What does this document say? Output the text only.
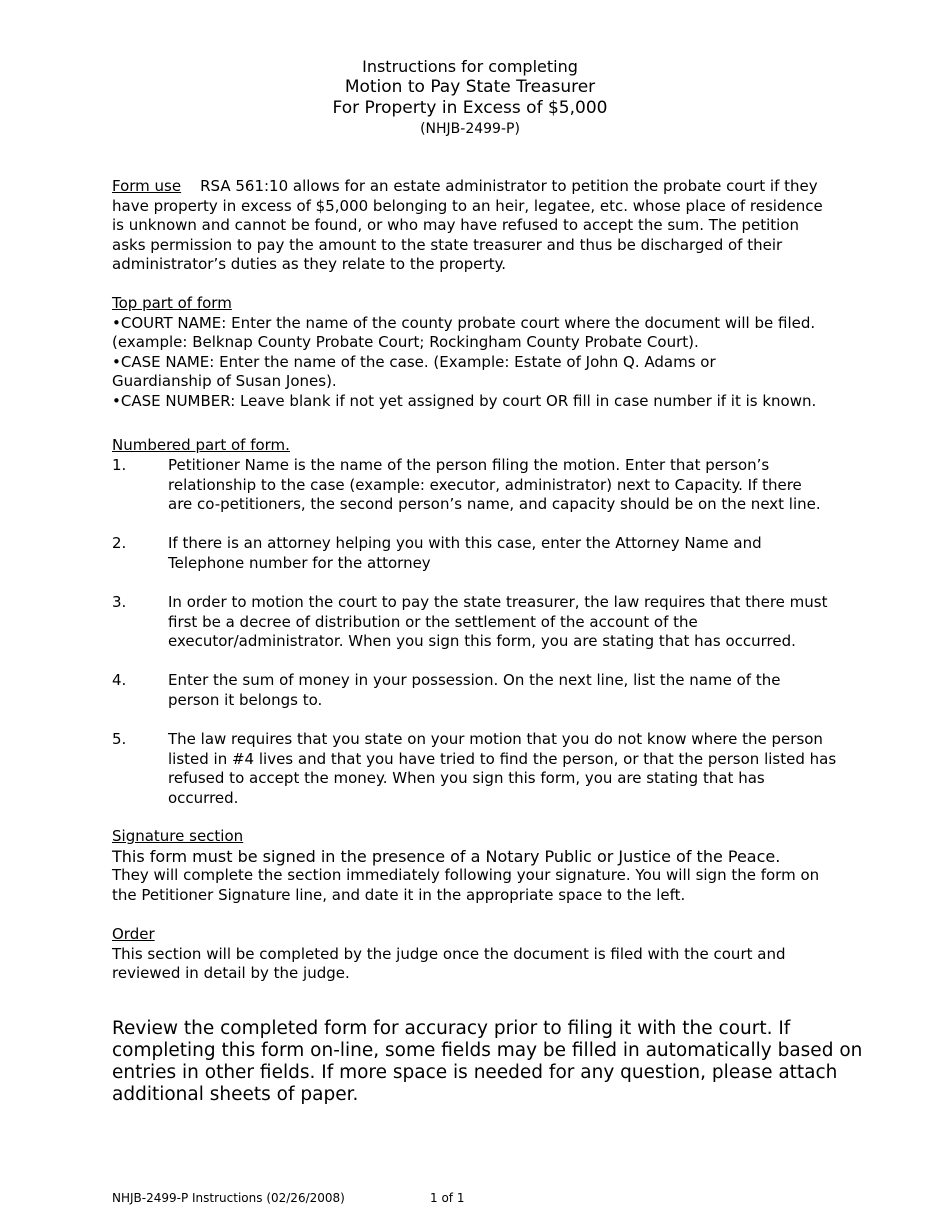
Instructions for completing
Motion to Pay State Treasurer
For Property in Excess of $5,000
(NHJB-2499-P)
Form use RSA 561:10 allows for an estate administrator to petition the probate court if they
have property in excess of $5,000 belonging to an heir, legatee, etc. whose place of residence
is unknown and cannot be found, or who may have refused to accept the sum. The petition
asks permission to pay the amount to the state treasurer and thus be discharged of their
administrator’s duties as they relate to the property.
Top part of form
•COURT NAME: Enter the name of the county probate court where the document will be filed.
(example: Belknap County Probate Court; Rockingham County Probate Court).
•CASE NAME: Enter the name of the case. (Example: Estate of John Q. Adams or
Guardianship of Susan Jones).
•CASE NUMBER: Leave blank if not yet assigned by court OR fill in case number if it is known.
Numbered part of form.
1.	Petitioner Name is the name of the person filing the motion. Enter that person’s
relationship to the case (example: executor, administrator) next to Capacity. If there
are co-petitioners, the second person’s name, and capacity should be on the next line.
2.	If there is an attorney helping you with this case, enter the Attorney Name and
Telephone number for the attorney
3.	In order to motion the court to pay the state treasurer, the law requires that there must
first be a decree of distribution or the settlement of the account of the
executor/administrator. When you sign this form, you are stating that has occurred.
4.	Enter the sum of money in your possession. On the next line, list the name of the
person it belongs to.
5.	The law requires that you state on your motion that you do not know where the person
listed in #4 lives and that you have tried to find the person, or that the person listed has
refused to accept the money. When you sign this form, you are stating that has
occurred.
Signature section
This form must be signed in the presence of a Notary Public or Justice of the Peace.
They will complete the section immediately following your signature. You will sign the form on
the Petitioner Signature line, and date it in the appropriate space to the left.
Order
This section will be completed by the judge once the document is filed with the court and
reviewed in detail by the judge.
Review the completed form for accuracy prior to filing it with the court. If
completing this form on-line, some fields may be filled in automatically based on
entries in other fields. If more space is needed for any question, please attach
additional sheets of paper.
NHJB-2499-P Instructions (02/26/2008)	1 of 1
